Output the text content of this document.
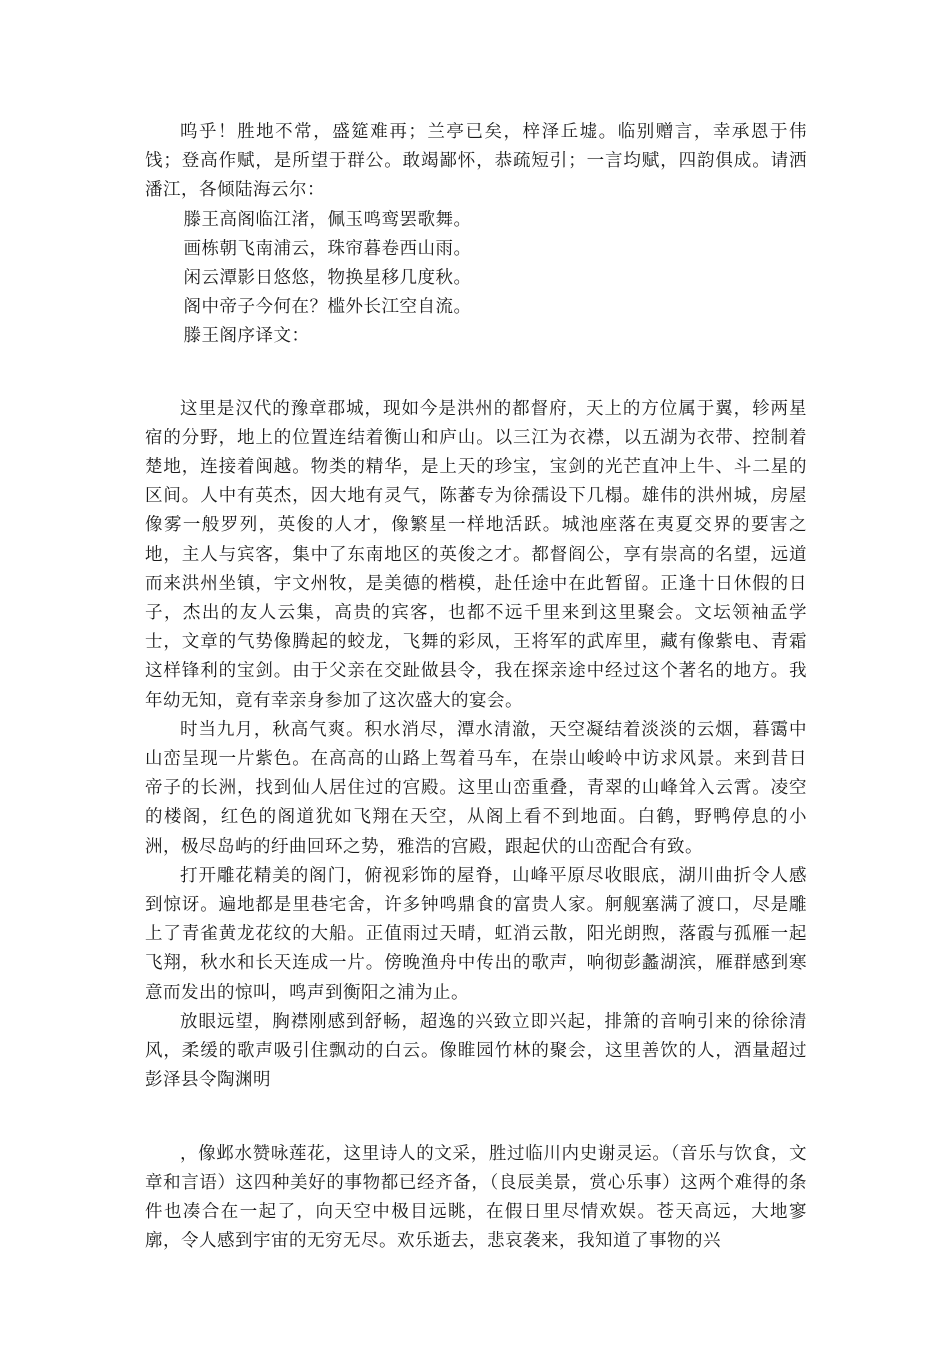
呜乎！胜地不常，盛筵难再；兰亭已矣，梓泽丘墟。临别赠言，幸承恩于伟饯；登高作赋，是所望于群公。敢竭鄙怀，恭疏短引；一言均赋，四韵俱成。请洒潘江，各倾陆海云尔：

滕王高阁临江渚，佩玉鸣鸾罢歌舞。

画栋朝飞南浦云，珠帘暮卷西山雨。

闲云潭影日悠悠，物换星移几度秋。

阁中帝子今何在？槛外长江空自流。

滕王阁序译文：

这里是汉代的豫章郡城，现如今是洪州的都督府，天上的方位属于翼，轸两星宿的分野，地上的位置连结着衡山和庐山。以三江为衣襟，以五湖为衣带、控制着楚地，连接着闽越。物类的精华，是上天的珍宝，宝剑的光芒直冲上牛、斗二星的区间。人中有英杰，因大地有灵气，陈蕃专为徐孺设下几榻。雄伟的洪州城，房屋像雾一般罗列，英俊的人才，像繁星一样地活跃。城池座落在夷夏交界的要害之地，主人与宾客，集中了东南地区的英俊之才。都督阎公，享有崇高的名望，远道而来洪州坐镇，宇文州牧，是美德的楷模，赴任途中在此暂留。正逢十日休假的日子，杰出的友人云集，高贵的宾客，也都不远千里来到这里聚会。文坛领袖孟学士，文章的气势像腾起的蛟龙，飞舞的彩凤，王将军的武库里，藏有像紫电、青霜这样锋利的宝剑。由于父亲在交趾做县令，我在探亲途中经过这个著名的地方。我年幼无知，竟有幸亲身参加了这次盛大的宴会。

时当九月，秋高气爽。积水消尽，潭水清澈，天空凝结着淡淡的云烟，暮霭中山峦呈现一片紫色。在高高的山路上驾着马车，在崇山峻岭中访求风景。来到昔日帝子的长洲，找到仙人居住过的宫殿。这里山峦重叠，青翠的山峰耸入云霄。凌空的楼阁，红色的阁道犹如飞翔在天空，从阁上看不到地面。白鹤，野鸭停息的小洲，极尽岛屿的纡曲回环之势，雅浩的宫殿，跟起伏的山峦配合有致。

打开雕花精美的阁门，俯视彩饰的屋脊，山峰平原尽收眼底，湖川曲折令人感到惊讶。遍地都是里巷宅舍，许多钟鸣鼎食的富贵人家。舸舰塞满了渡口，尽是雕上了青雀黄龙花纹的大船。正值雨过天晴，虹消云散，阳光朗煦，落霞与孤雁一起飞翔，秋水和长天连成一片。傍晚渔舟中传出的歌声，响彻彭蠡湖滨，雁群感到寒意而发出的惊叫，鸣声到衡阳之浦为止。

放眼远望，胸襟刚感到舒畅，超逸的兴致立即兴起，排箫的音响引来的徐徐清风，柔缓的歌声吸引住飘动的白云。像睢园竹林的聚会，这里善饮的人，酒量超过彭泽县令陶渊明

，像邺水赞咏莲花，这里诗人的文采，胜过临川内史谢灵运。（音乐与饮食，文章和言语）这四种美好的事物都已经齐备，（良辰美景，赏心乐事）这两个难得的条件也凑合在一起了，向天空中极目远眺，在假日里尽情欢娱。苍天高远，大地寥廓，令人感到宇宙的无穷无尽。欢乐逝去，悲哀袭来，我知道了事物的兴
